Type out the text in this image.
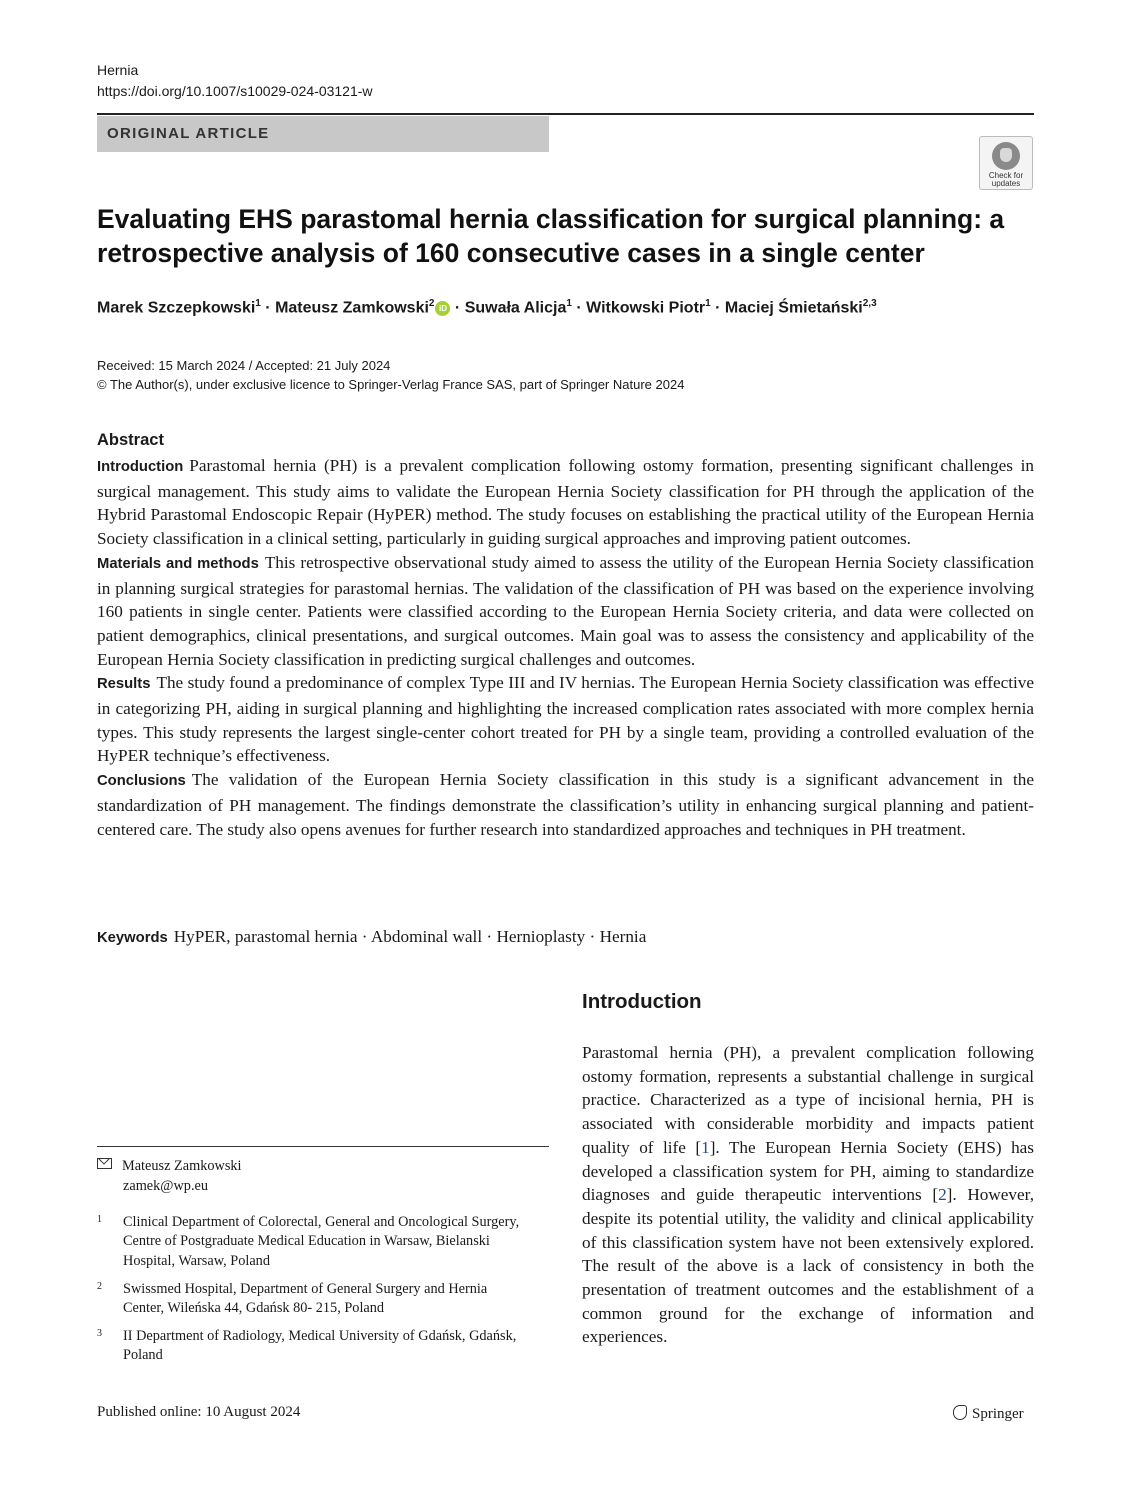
Hernia
https://doi.org/10.1007/s10029-024-03121-w
ORIGINAL ARTICLE
Check for updates
Evaluating EHS parastomal hernia classification for surgical planning: a retrospective analysis of 160 consecutive cases in a single center
Marek Szczepkowski$^1$ · Mateusz Zamkowski$^2$ iD · Suwała Alicja$^1$ · Witkowski Piotr$^1$ · Maciej Śmietański$^{2,3}$
Received: 15 March 2024 / Accepted: 21 July 2024
© The Author(s), under exclusive licence to Springer-Verlag France SAS, part of Springer Nature 2024
Abstract

Introduction Parastomal hernia (PH) is a prevalent complication following ostomy formation, presenting significant challenges in surgical management. This study aims to validate the European Hernia Society classification for PH through the application of the Hybrid Parastomal Endoscopic Repair (HyPER) method. The study focuses on establishing the practical utility of the European Hernia Society classification in a clinical setting, particularly in guiding surgical approaches and improving patient outcomes.

Materials and methods This retrospective observational study aimed to assess the utility of the European Hernia Society classification in planning surgical strategies for parastomal hernias. The validation of the classification of PH was based on the experience involving 160 patients in single center. Patients were classified according to the European Hernia Society criteria, and data were collected on patient demographics, clinical presentations, and surgical outcomes. Main goal was to assess the consistency and applicability of the European Hernia Society classification in predicting surgical challenges and outcomes.

Results The study found a predominance of complex Type III and IV hernias. The European Hernia Society classification was effective in categorizing PH, aiding in surgical planning and highlighting the increased complication rates associated with more complex hernia types. This study represents the largest single-center cohort treated for PH by a single team, providing a controlled evaluation of the HyPER technique’s effectiveness.

Conclusions The validation of the European Hernia Society classification in this study is a significant advancement in the standardization of PH management. The findings demonstrate the classification’s utility in enhancing surgical planning and patient-centered care. The study also opens avenues for further research into standardized approaches and techniques in PH treatment.

Keywords HyPER, parastomal hernia · Abdominal wall · Hernioplasty · Hernia
Introduction

Parastomal hernia (PH), a prevalent complication following ostomy formation, represents a substantial challenge in surgical practice. Characterized as a type of incisional hernia, PH is associated with considerable morbidity and impacts patient quality of life [1]. The European Hernia Society (EHS) has developed a classification system for PH, aiming to standardize diagnoses and guide therapeutic interventions [2]. However, despite its potential utility, the validity and clinical applicability of this classification system have not been extensively explored. The result of the above is a lack of consistency in both the presentation of treatment outcomes and the establishment of a common ground for the exchange of information and experiences.

Mateusz Zamkowski
zamek@wp.eu
1 Clinical Department of Colorectal, General and Oncological Surgery, Centre of Postgraduate Medical Education in Warsaw, Bielanski Hospital, Warsaw, Poland
2 Swissmed Hospital, Department of General Surgery and Hernia Center, Wileńska 44, Gdańsk 80- 215, Poland
3 II Department of Radiology, Medical University of Gdańsk, Gdańsk, Poland
Published online: 10 August 2024	Springer
